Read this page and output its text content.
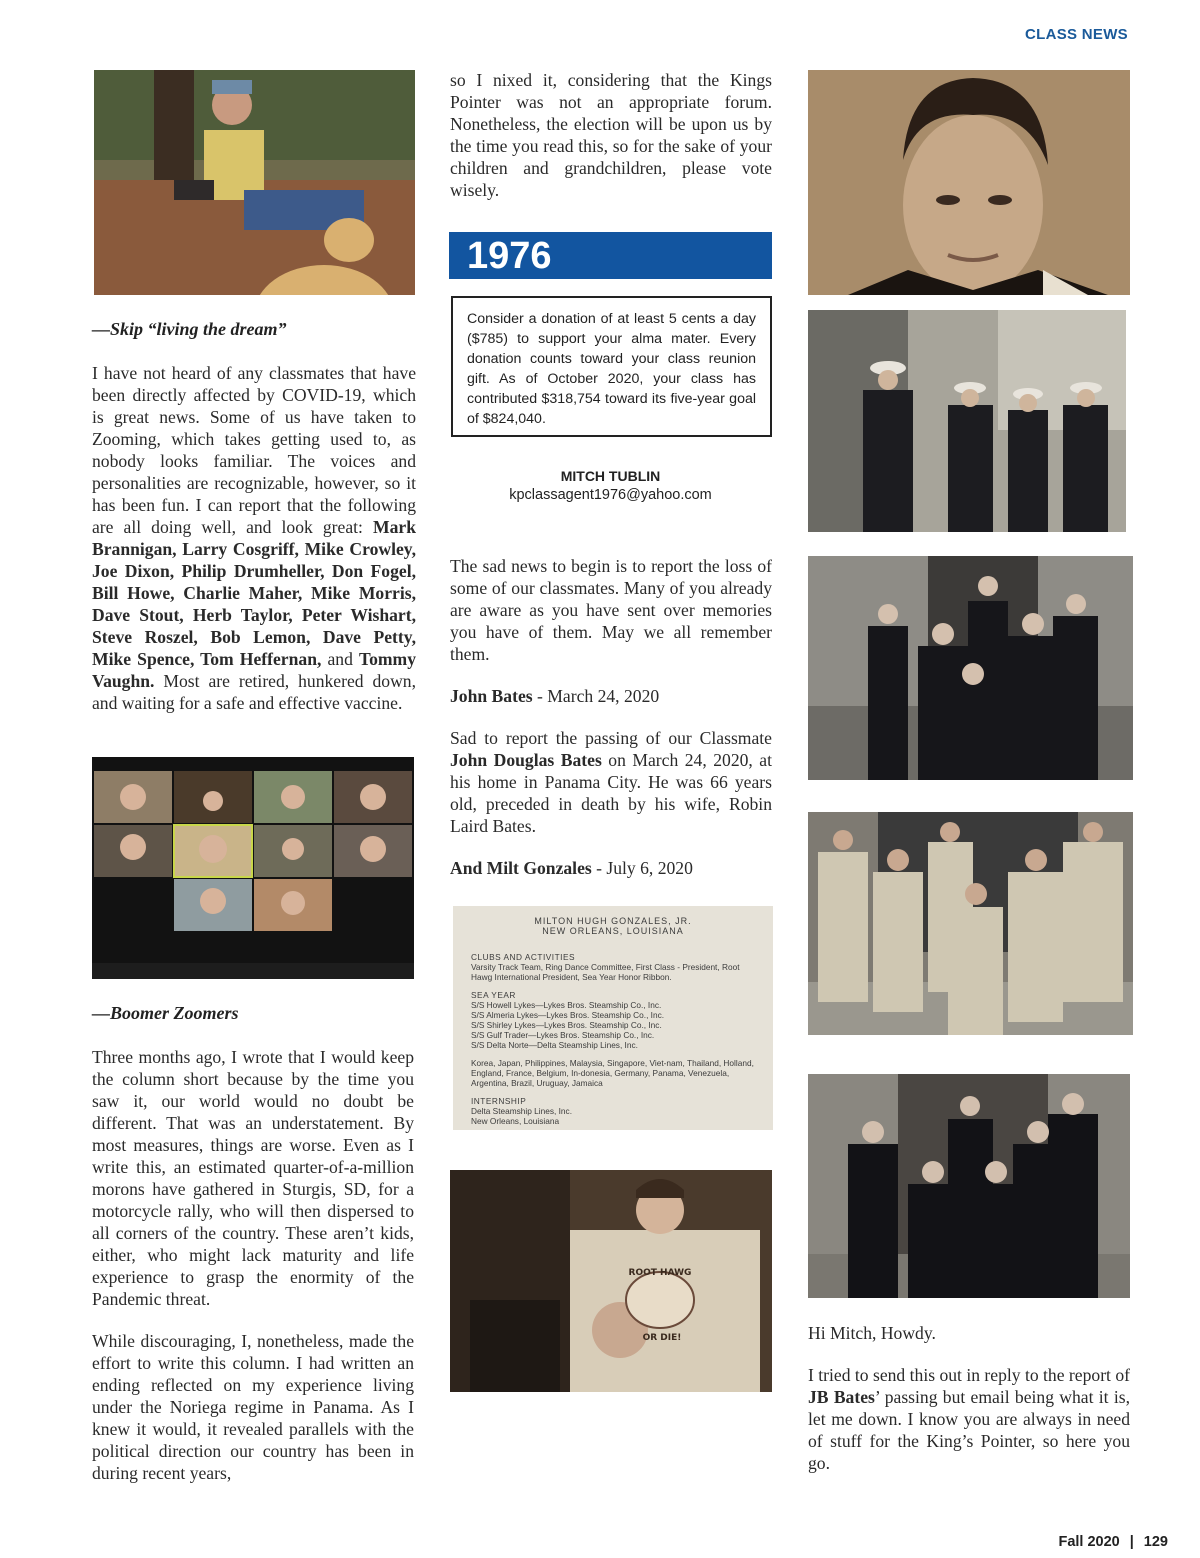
CLASS NEWS
—Skip “living the dream”

I have not heard of any classmates that have been directly affected by COVID-19, which is great news. Some of us have taken to Zooming, which takes getting used to, as nobody looks familiar. The voices and personalities are recognizable, however, so it has been fun. I can report that the following are all doing well, and look great: Mark Brannigan, Larry Cosgriff, Mike Crowley, Joe Dixon, Philip Drumheller, Don Fogel, Bill Howe, Charlie Maher, Mike Morris, Dave Stout, Herb Taylor, Peter Wishart, Steve Roszel, Bob Lemon, Dave Petty, Mike Spence, Tom Heffernan, and Tommy Vaughn. Most are retired, hunkered down, and waiting for a safe and effective vaccine.

—Boomer Zoomers

Three months ago, I wrote that I would keep the column short because by the time you saw it, our world would no doubt be different. That was an understatement. By most measures, things are worse. Even as I write this, an estimated quarter-of-a-million morons have gathered in Sturgis, SD, for a motorcycle rally, who will then dispersed to all corners of the country. These aren’t kids, either, who might lack maturity and life experience to grasp the enormity of the Pandemic threat.

While discouraging, I, nonetheless, made the effort to write this column. I had written an ending reflected on my experience living under the Noriega regime in Panama. As I knew it would, it revealed parallels with the political direction our country has been in during recent years,

so I nixed it, considering that the Kings Pointer was not an appropriate forum. Nonetheless, the election will be upon us by the time you read this, so for the sake of your children and grandchildren, please vote wisely.
1976
Consider a donation of at least 5 cents a day ($785) to support your alma mater. Every donation counts toward your class reunion gift. As of October 2020, your class has contributed $318,754 toward its five-year goal of $824,040.
MITCH TUBLIN
kpclassagent1976@yahoo.com

The sad news to begin is to report the loss of some of our classmates. Many of you already are aware as you have sent over memories you have of them. May we all remember them.

John Bates - March 24, 2020

Sad to report the passing of our Classmate John Douglas Bates on March 24, 2020, at his home in Panama City. He was 66 years old, preceded in death by his wife, Robin Laird Bates.

And Milt Gonzales - July 6, 2020

MILTON HUGH GONZALES, JR.
NEW ORLEANS, LOUISIANA
CLUBS AND ACTIVITIES
Varsity Track Team, Ring Dance Committee, First Class - President, Root Hawg International President, Sea Year Honor Ribbon.
SEA YEAR
S/S Howell Lykes—Lykes Bros. Steamship Co., Inc.
S/S Almeria Lykes—Lykes Bros. Steamship Co., Inc.
S/S Shirley Lykes—Lykes Bros. Steamship Co., Inc.
S/S Gulf Trader—Lykes Bros. Steamship Co., Inc.
S/S Delta Norte—Delta Steamship Lines, Inc.
Korea, Japan, Philippines, Malaysia, Singapore, Viet-nam, Thailand, Holland, England, France, Belgium, In-donesia, Germany, Panama, Venezuela, Argentina, Brazil, Uruguay, Jamaica
INTERNSHIP
Delta Steamship Lines, Inc.
New Orleans, Louisiana
ROOT HAWG
OR DIE!	Hi Mitch, Howdy.

I tried to send this out in reply to the report of JB Bates’ passing but email being what it is, let me down. I know you are always in need of stuff for the King’s Pointer, so here you go.

Fall 2020 | 129
